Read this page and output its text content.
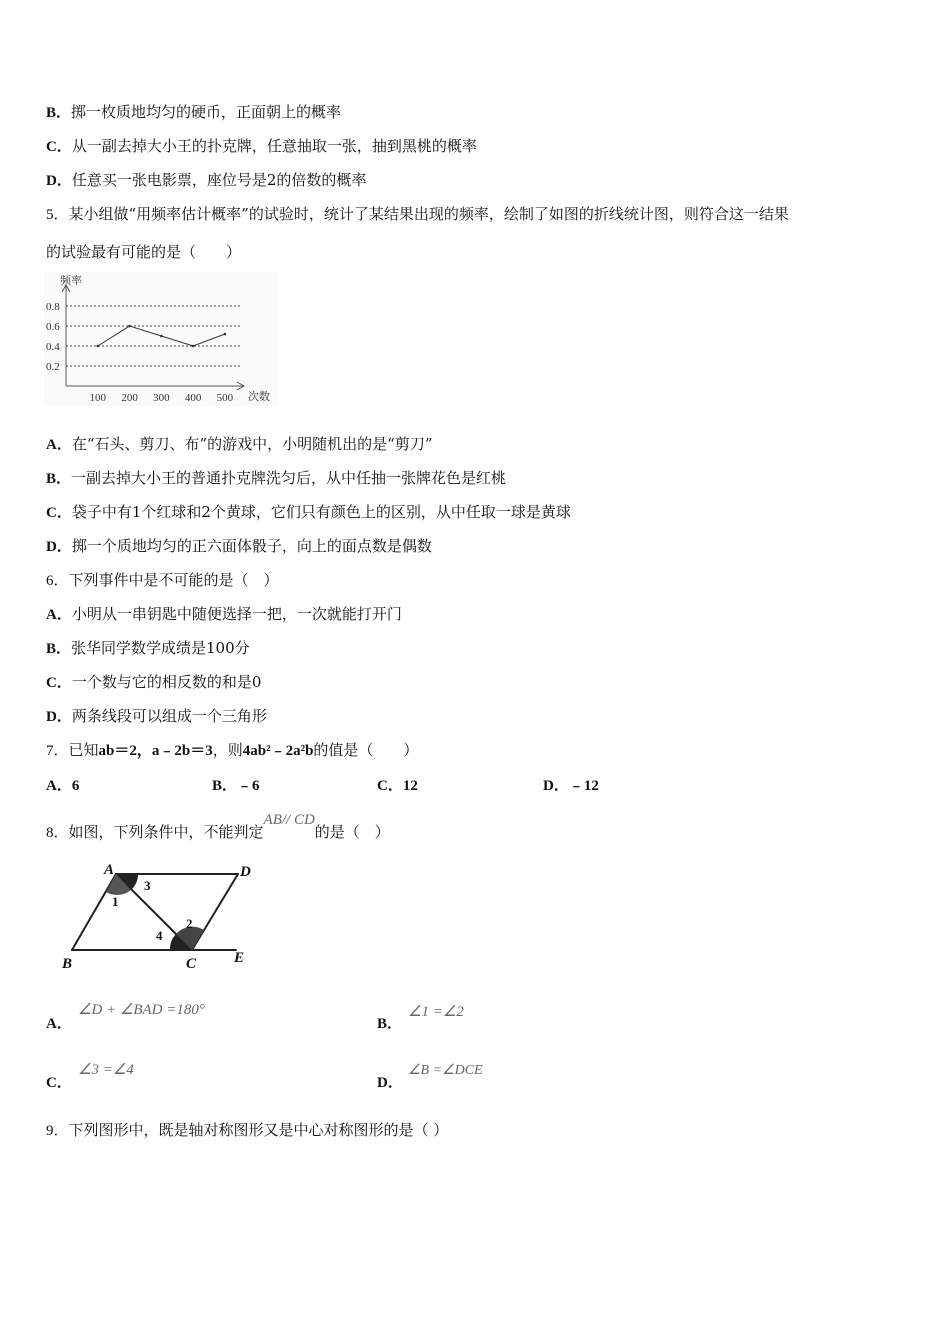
B．掷一枚质地均匀的硬币，正面朝上的概率
C．从一副去掉大小王的扑克牌，任意抽取一张，抽到黑桃的概率
D．任意买一张电影票，座位号是2的倍数的概率
5．某小组做“用频率估计概率”的试验时，统计了某结果出现的频率，绘制了如图的折线统计图，则符合这一结果
的试验最有可能的是（　　）
频率
次数
0.2
0.4
0.6
0.8
100 200 300 400 500
A．在“石头、剪刀、布”的游戏中，小明随机出的是“剪刀”
B．一副去掉大小王的普通扑克牌洗匀后，从中任抽一张牌花色是红桃
C．袋子中有1个红球和2个黄球，它们只有颜色上的区别，从中任取一球是黄球
D．掷一个质地均匀的正六面体骰子，向上的面点数是偶数
6．下列事件中是不可能的是（　）
A．小明从一串钥匙中随便选择一把，一次就能打开门
B．张华同学数学成绩是100分
C．一个数与它的相反数的和是0
D．两条线段可以组成一个三角形
7．已知ab＝2，a﹣2b＝3，则4ab²﹣2a²b的值是（　　）
A．6	B．﹣6	C．12	D．﹣12
8．如图，下列条件中，不能判定AB// CD的是（　）
A	D
B	C	E
1
2
3
4
A．
∠D + ∠BAD =180°
B．
∠1 =∠2
C．
∠3 =∠4
D．
∠B =∠DCE
9．下列图形中，既是轴对称图形又是中心对称图形的是（ ）
